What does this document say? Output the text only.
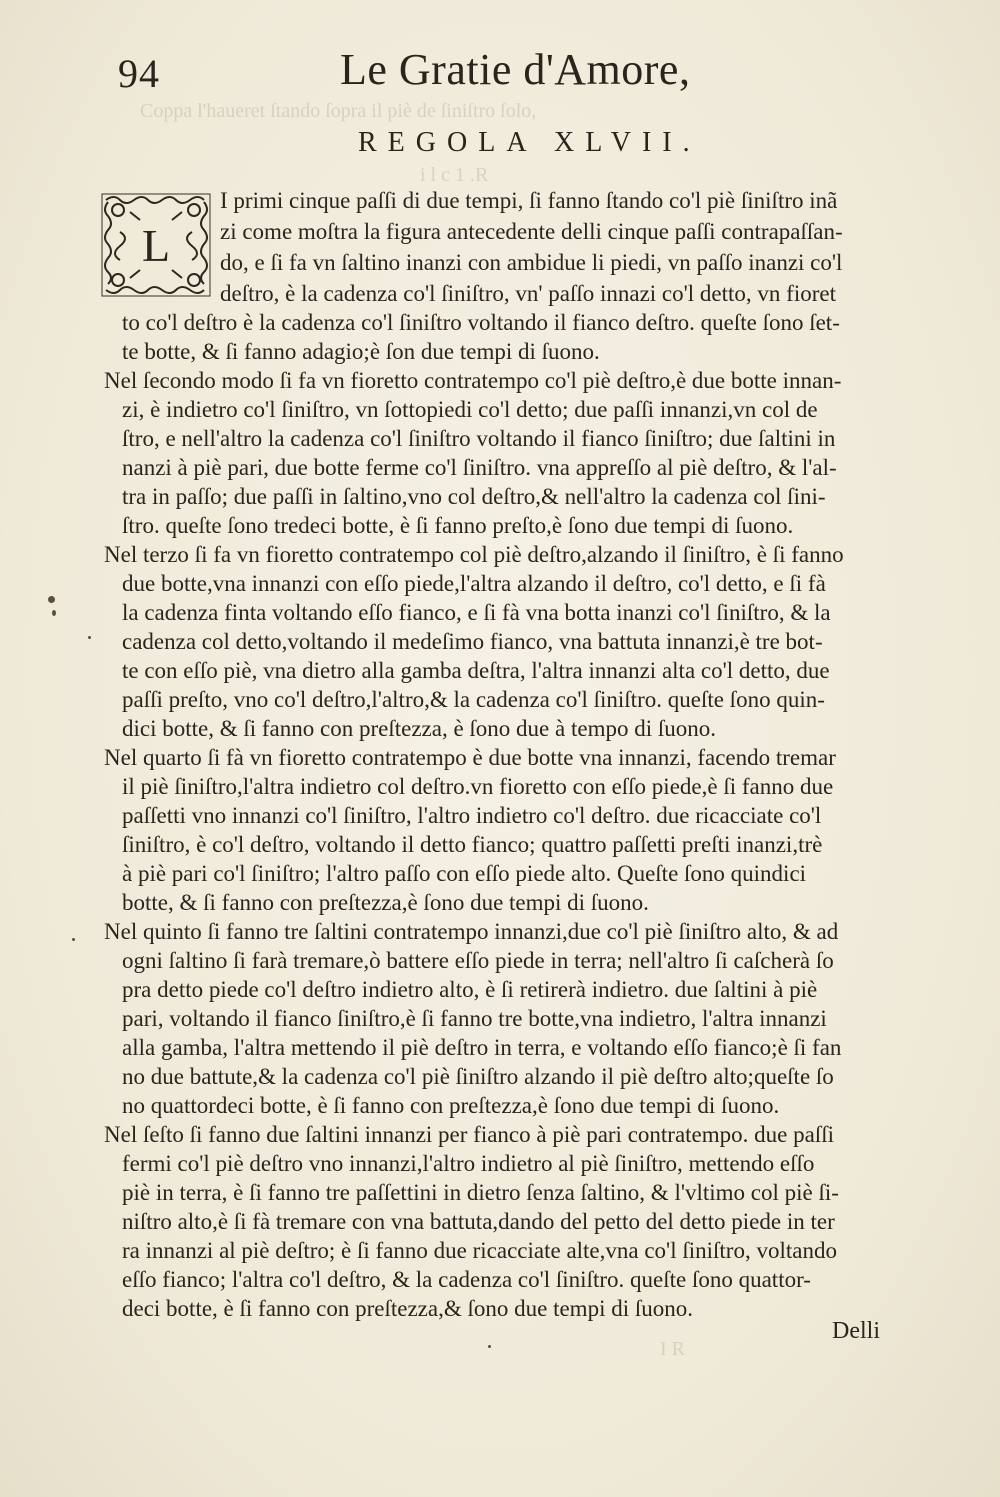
Coppa l'haueret ſtando ſopra il piè de ſiniſtro ſolo,
i l c 1 .R
I R
94	Le Gratie d'Amore,
REGOLA XLVII.
L
I primi cinque paſſi di due tempi, ſi fanno ſtando co'l piè ſiniſtro inã
zi come moſtra la figura antecedente delli cinque paſſi contrapaſſan-
do, e ſi fa vn ſaltino inanzi con ambidue li piedi, vn paſſo inanzi co'l
deſtro, è la cadenza co'l ſiniſtro, vn' paſſo innazi co'l detto, vn fioret
to co'l deſtro è la cadenza co'l ſiniſtro voltando il fianco deſtro. queſte ſono ſet-
te botte, & ſi fanno adagio;è ſon due tempi di ſuono.
Nel ſecondo modo ſi fa vn fioretto contratempo co'l piè deſtro,è due botte innan-
zi, è indietro co'l ſiniſtro, vn ſottopiedi co'l detto; due paſſi innanzi,vn col de
ſtro, e nell'altro la cadenza co'l ſiniſtro voltando il fianco ſiniſtro; due ſaltini in
nanzi à piè pari, due botte ferme co'l ſiniſtro. vna appreſſo al piè deſtro, & l'al-
tra in paſſo; due paſſi in ſaltino,vno col deſtro,& nell'altro la cadenza col ſini-
ſtro. queſte ſono tredeci botte, è ſi fanno preſto,è ſono due tempi di ſuono.
Nel terzo ſi fa vn fioretto contratempo col piè deſtro,alzando il ſiniſtro, è ſi fanno
due botte,vna innanzi con eſſo piede,l'altra alzando il deſtro, co'l detto, e ſi fà
la cadenza finta voltando eſſo fianco, e ſi fà vna botta inanzi co'l ſiniſtro, & la
cadenza col detto,voltando il medeſimo fianco, vna battuta innanzi,è tre bot-
te con eſſo piè, vna dietro alla gamba deſtra, l'altra innanzi alta co'l detto, due
paſſi preſto, vno co'l deſtro,l'altro,& la cadenza co'l ſiniſtro. queſte ſono quin-
dici botte, & ſi fanno con preſtezza, è ſono due à tempo di ſuono.
Nel quarto ſi fà vn fioretto contratempo è due botte vna innanzi, facendo tremar
il piè ſiniſtro,l'altra indietro col deſtro.vn fioretto con eſſo piede,è ſi fanno due
paſſetti vno innanzi co'l ſiniſtro, l'altro indietro co'l deſtro. due ricacciate co'l
ſiniſtro, è co'l deſtro, voltando il detto fianco; quattro paſſetti preſti inanzi,trè
à piè pari co'l ſiniſtro; l'altro paſſo con eſſo piede alto. Queſte ſono quindici
botte, & ſi fanno con preſtezza,è ſono due tempi di ſuono.
Nel quinto ſi fanno tre ſaltini contratempo innanzi,due co'l piè ſiniſtro alto, & ad
ogni ſaltino ſi farà tremare,ò battere eſſo piede in terra; nell'altro ſi caſcherà ſo
pra detto piede co'l deſtro indietro alto, è ſi retirerà indietro. due ſaltini à piè
pari, voltando il fianco ſiniſtro,è ſi fanno tre botte,vna indietro, l'altra innanzi
alla gamba, l'altra mettendo il piè deſtro in terra, e voltando eſſo fianco;è ſi fan
no due battute,& la cadenza co'l piè ſiniſtro alzando il piè deſtro alto;queſte ſo
no quattordeci botte, è ſi fanno con preſtezza,è ſono due tempi di ſuono.
Nel ſeſto ſi fanno due ſaltini innanzi per fianco à piè pari contratempo. due paſſi
fermi co'l piè deſtro vno innanzi,l'altro indietro al piè ſiniſtro, mettendo eſſo
piè in terra, è ſi fanno tre paſſettini in dietro ſenza ſaltino, & l'vltimo col piè ſi-
niſtro alto,è ſi fà tremare con vna battuta,dando del petto del detto piede in ter
ra innanzi al piè deſtro; è ſi fanno due ricacciate alte,vna co'l ſiniſtro, voltando
eſſo fianco; l'altra co'l deſtro, & la cadenza co'l ſiniſtro. queſte ſono quattor-
deci botte, è ſi fanno con preſtezza,& ſono due tempi di ſuono.
Delli
